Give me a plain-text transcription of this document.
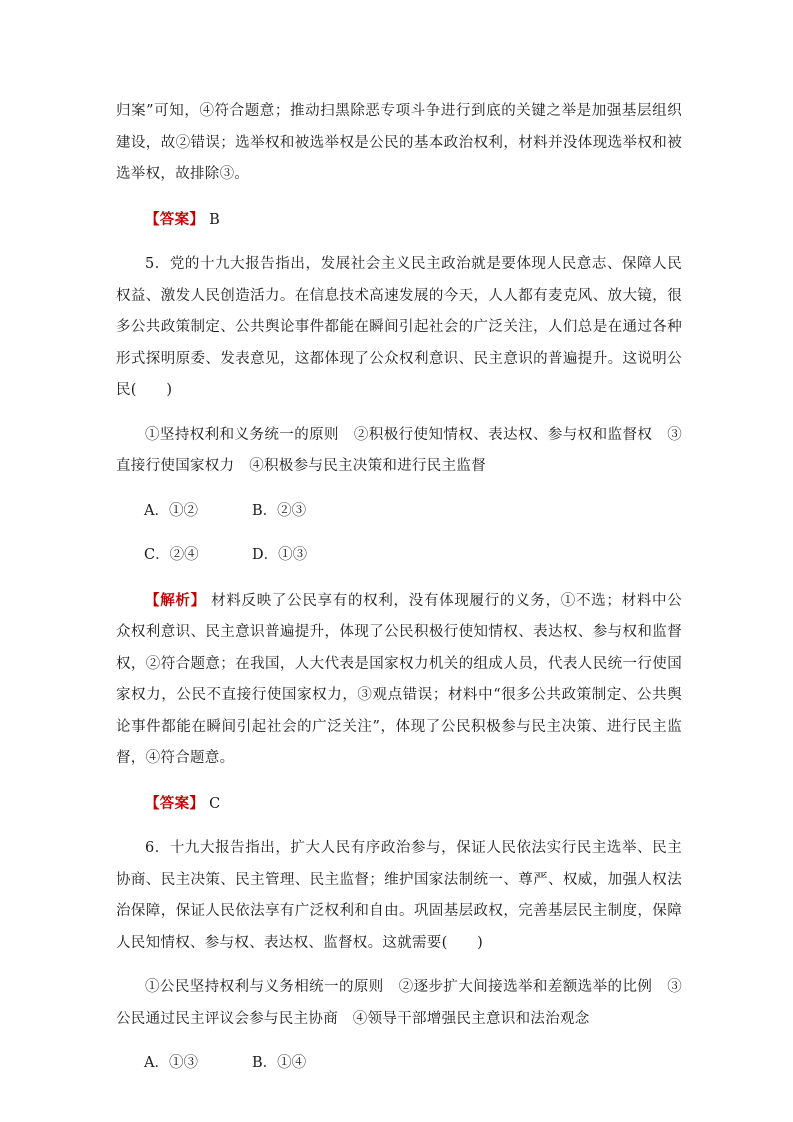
归案”可知，④符合题意；推动扫黑除恶专项斗争进行到底的关键之举是加强基层组织建设，故②错误；选举权和被选举权是公民的基本政治权利，材料并没体现选举权和被选举权，故排除③。

【答案】 B

5．党的十九大报告指出，发展社会主义民主政治就是要体现人民意志、保障人民权益、激发人民创造活力。在信息技术高速发展的今天，人人都有麦克风、放大镜，很多公共政策制定、公共舆论事件都能在瞬间引起社会的广泛关注，人们总是在通过各种形式探明原委、发表意见，这都体现了公众权利意识、民主意识的普遍提升。这说明公民(　　)

①坚持权利和义务统一的原则　②积极行使知情权、表达权、参与权和监督权　③直接行使国家权力　④积极参与民主决策和进行民主监督

A．①②	B．②③
C．②④	D．①③

【解析】 材料反映了公民享有的权利，没有体现履行的义务，①不选；材料中公众权利意识、民主意识普遍提升，体现了公民积极行使知情权、表达权、参与权和监督权，②符合题意；在我国，人大代表是国家权力机关的组成人员，代表人民统一行使国家权力，公民不直接行使国家权力，③观点错误；材料中“很多公共政策制定、公共舆论事件都能在瞬间引起社会的广泛关注”，体现了公民积极参与民主决策、进行民主监督，④符合题意。

【答案】 C

6．十九大报告指出，扩大人民有序政治参与，保证人民依法实行民主选举、民主协商、民主决策、民主管理、民主监督；维护国家法制统一、尊严、权威，加强人权法治保障，保证人民依法享有广泛权利和自由。巩固基层政权，完善基层民主制度，保障人民知情权、参与权、表达权、监督权。这就需要(　　)

①公民坚持权利与义务相统一的原则　②逐步扩大间接选举和差额选举的比例　③公民通过民主评议会参与民主协商　④领导干部增强民主意识和法治观念

A．①③	B．①④
